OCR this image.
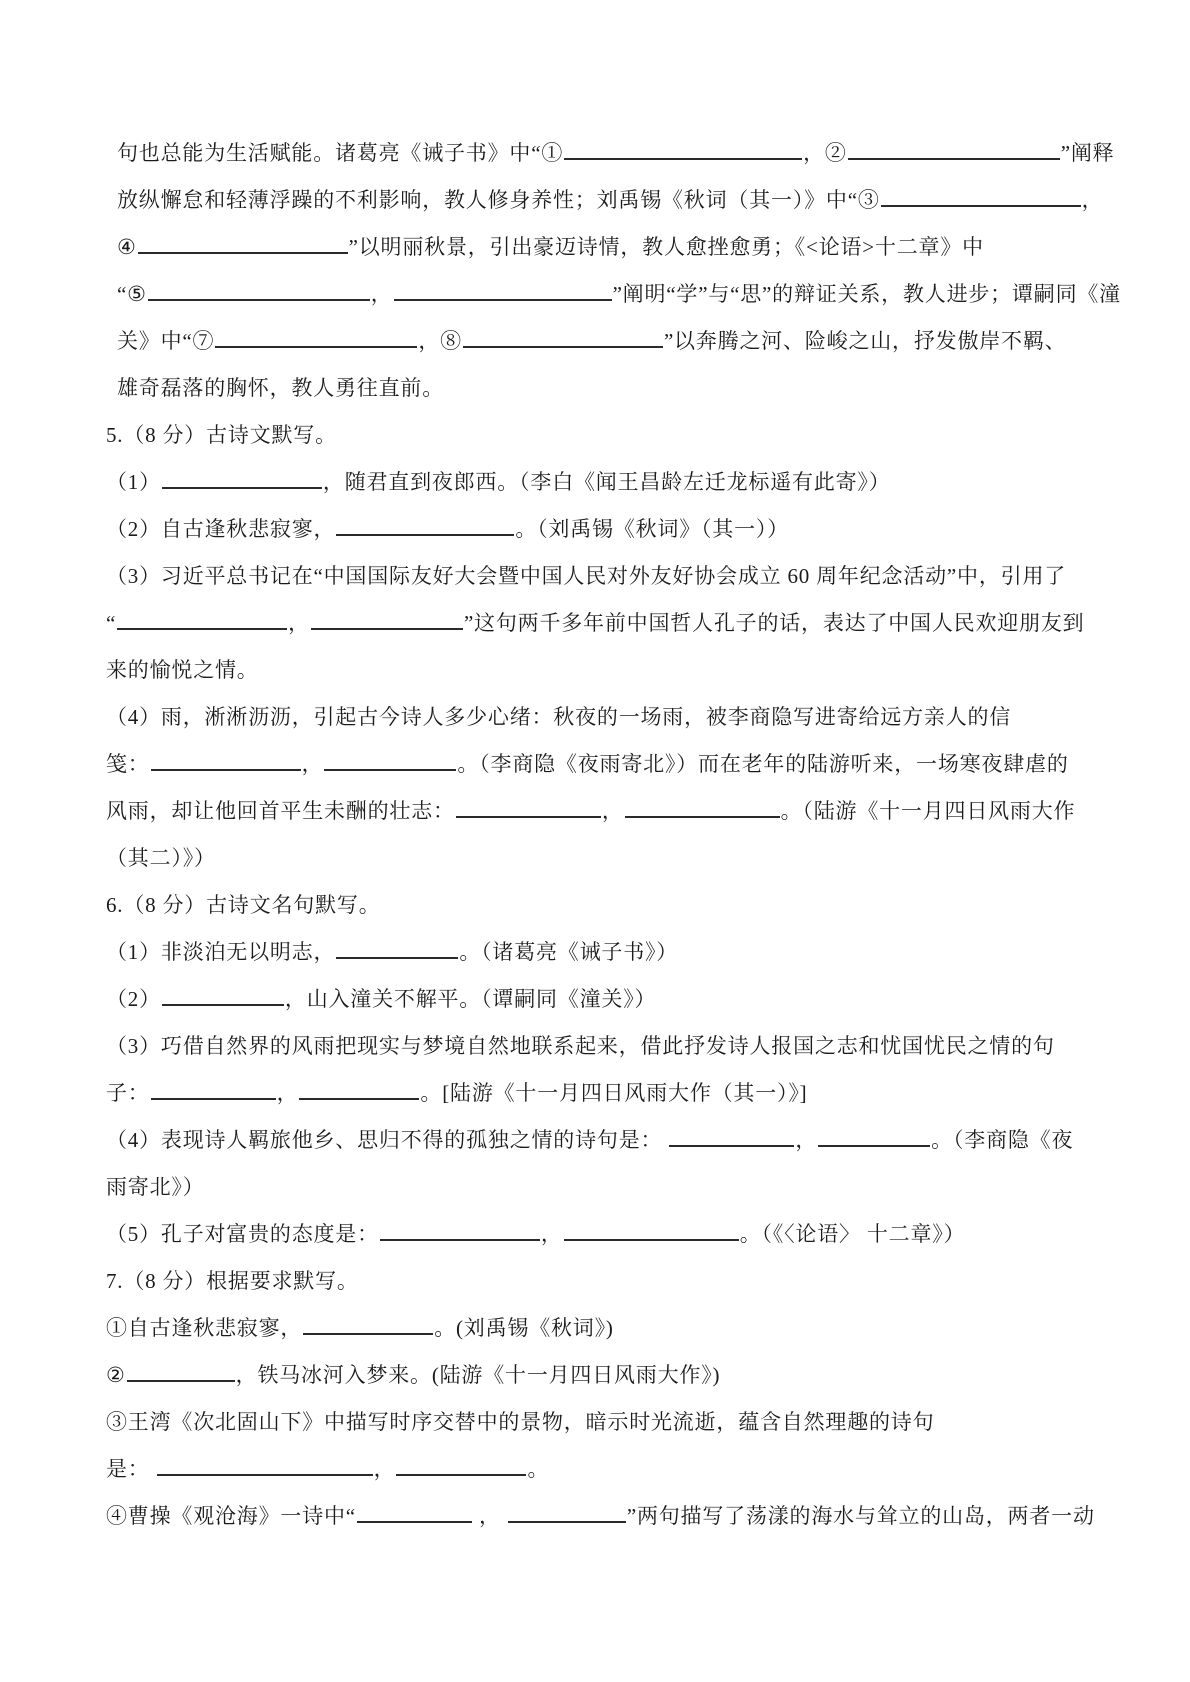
句也总能为生活赋能。诸葛亮《诫子书》中“①	，②	”阐释
放纵懈怠和轻薄浮躁的不利影响，教人修身养性；刘禹锡《秋词（其一）》中“③	，
④	”以明丽秋景，引出豪迈诗情，教人愈挫愈勇；《<论语>十二章》中
“⑤	，	”阐明“学”与“思”的辩证关系，教人进步；谭嗣同《潼
关》中“⑦	，⑧	”以奔腾之河、险峻之山，抒发傲岸不羁、
雄奇磊落的胸怀，教人勇往直前。
5.（8 分）古诗文默写。
（1）	，随君直到夜郎西。（李白《闻王昌龄左迁龙标遥有此寄》）
（2）自古逢秋悲寂寥，	。（刘禹锡《秋词》（其一））
（3）习近平总书记在“中国国际友好大会暨中国人民对外友好协会成立 60 周年纪念活动”中，引用了
“	，	”这句两千多年前中国哲人孔子的话，表达了中国人民欢迎朋友到
来的愉悦之情。
（4）雨，淅淅沥沥，引起古今诗人多少心绪：秋夜的一场雨，被李商隐写进寄给远方亲人的信
笺：	，	。（李商隐《夜雨寄北》）而在老年的陆游听来，一场寒夜肆虐的
风雨，却让他回首平生未酬的壮志：	，	。（陆游《十一月四日风雨大作
（其二）》）
6.（8 分）古诗文名句默写。
（1）非淡泊无以明志，	。（诸葛亮《诫子书》）
（2）	，山入潼关不解平。（谭嗣同《潼关》）
（3）巧借自然界的风雨把现实与梦境自然地联系起来，借此抒发诗人报国之志和忧国忧民之情的句
子：	，	。[陆游《十一月四日风雨大作（其一）》]
（4）表现诗人羁旅他乡、思归不得的孤独之情的诗句是：	，	。（李商隐《夜
雨寄北》）
（5）孔子对富贵的态度是：	，	。（《〈论语〉 十二章》）
7.（8 分）根据要求默写。
①自古逢秋悲寂寥，	。(刘禹锡《秋词》)
②	，铁马冰河入梦来。(陆游《十一月四日风雨大作》)
③王湾《次北固山下》中描写时序交替中的景物，暗示时光流逝，蕴含自然理趣的诗句
是：	，	。
④曹操《观沧海》一诗中“	，	”两句描写了荡漾的海水与耸立的山岛，两者一动
